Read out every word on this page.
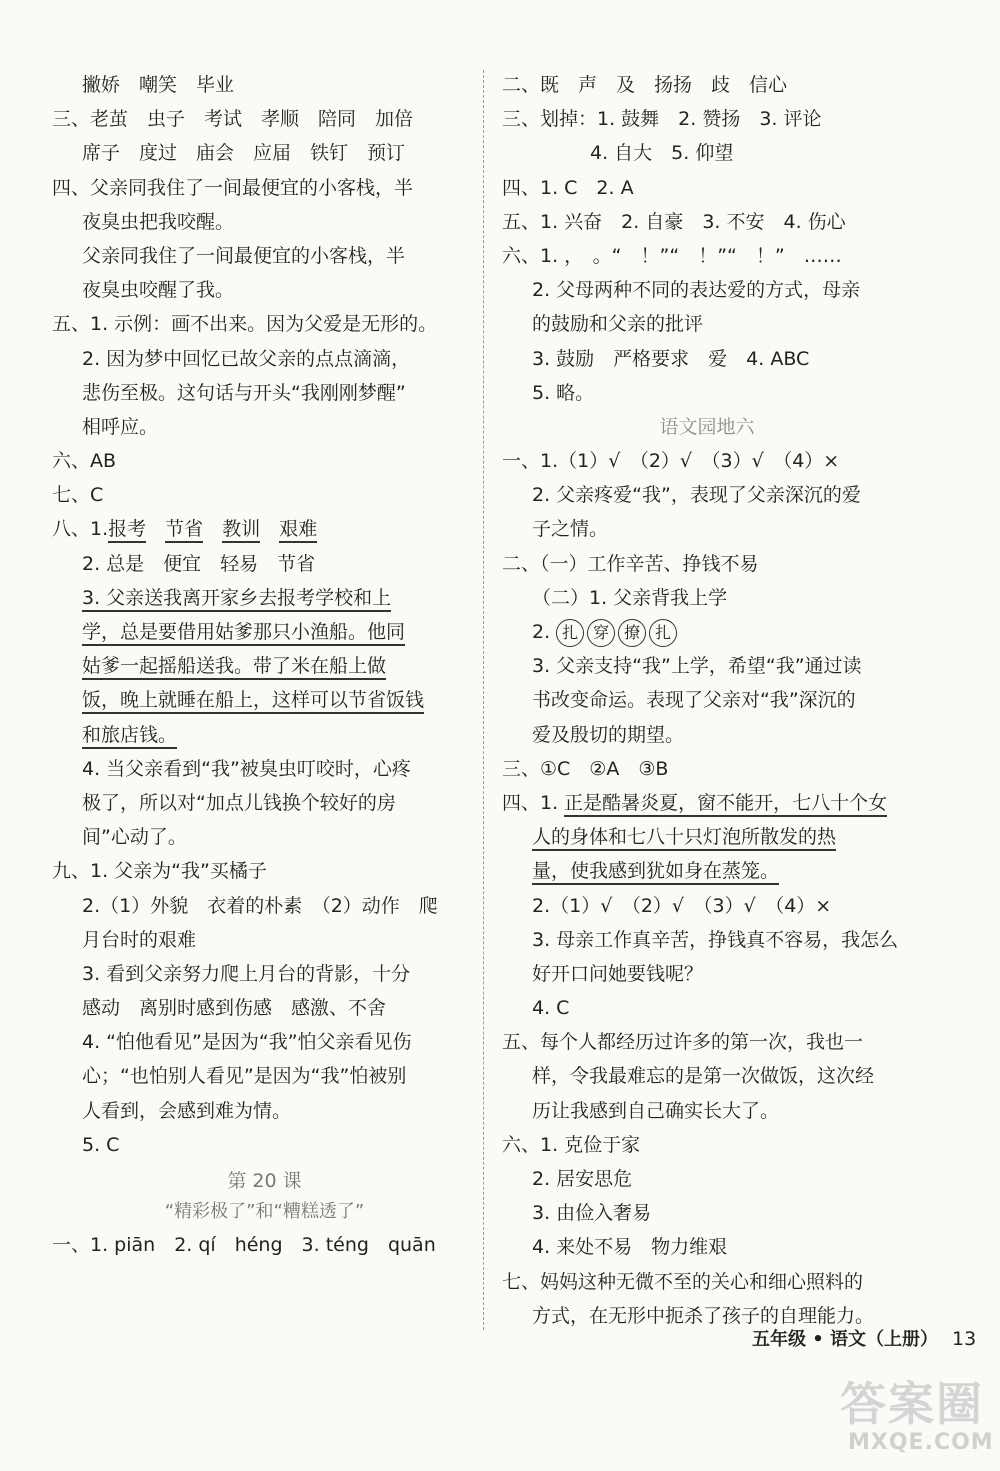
撇娇　嘲笑　毕业
三、老茧　虫子　考试　孝顺　陪同　加倍
席子　度过　庙会　应届　铁钉　预订
四、父亲同我住了一间最便宜的小客栈，半
夜臭虫把我咬醒。
父亲同我住了一间最便宜的小客栈，半
夜臭虫咬醒了我。
五、1. 示例：画不出来。因为父爱是无形的。
2. 因为梦中回忆已故父亲的点点滴滴，
悲伤至极。这句话与开头“我刚刚梦醒”
相呼应。
六、AB
七、C
八、1.报考　 节省　 教训　 艰难
2. 总是　便宜　轻易　节省
3. 父亲送我离开家乡去报考学校和上
学，总是要借用姑爹那只小渔船。他同
姑爹一起摇船送我。带了米在船上做
饭，晚上就睡在船上，这样可以节省饭钱
和旅店钱。
4. 当父亲看到“我”被臭虫叮咬时，心疼
极了，所以对“加点儿钱换个较好的房
间”心动了。
九、1. 父亲为“我”买橘子
2.（1）外貌　衣着的朴素　（2）动作　爬
月台时的艰难
3. 看到父亲努力爬上月台的背影，十分
感动　离别时感到伤感　感激、不舍
4. “怕他看见”是因为“我”怕父亲看见伤
心；“也怕别人看见”是因为“我”怕被别
人看到，会感到难为情。
5. C
第 20 课
“精彩极了”和“糟糕透了”
一、1. piān　2. qí　héng　3. téng　quān
二、既　声　及　扬扬　歧　信心
三、划掉：1. 鼓舞　2. 赞扬　3. 评论
4. 自大　5. 仰望
四、1. C　2. A
五、1. 兴奋　2. 自豪　3. 不安　4. 伤心
六、1. ，　。“　！”“　！”“　！”　……
2. 父母两种不同的表达爱的方式，母亲
的鼓励和父亲的批评
3. 鼓励　严格要求　爱　4. ABC
5. 略。
语文园地六
一、1.（1）√　（2）√　（3）√　（4）×
2. 父亲疼爱“我”，表现了父亲深沉的爱
子之情。
二、（一）工作辛苦、挣钱不易
（二）1. 父亲背我上学
2. 扎 穿 撩 扎
3. 父亲支持“我”上学，希望“我”通过读
书改变命运。表现了父亲对“我”深沉的
爱及殷切的期望。
三、①C　②A　③B
四、1. 正是酷暑炎夏，窗不能开，七八十个女
人的身体和七八十只灯泡所散发的热
量，使我感到犹如身在蒸笼。
2.（1）√　（2）√　（3）√　（4）×
3. 母亲工作真辛苦，挣钱真不容易，我怎么
好开口问她要钱呢？
4. C
五、每个人都经历过许多的第一次，我也一
样，令我最难忘的是第一次做饭，这次经
历让我感到自己确实长大了。
六、1. 克俭于家
2. 居安思危
3. 由俭入奢易
4. 来处不易　物力维艰
七、妈妈这种无微不至的关心和细心照料的
方式，在无形中扼杀了孩子的自理能力。
五年级 • 语文（上册） 13
答案圈
MXQE.COM
